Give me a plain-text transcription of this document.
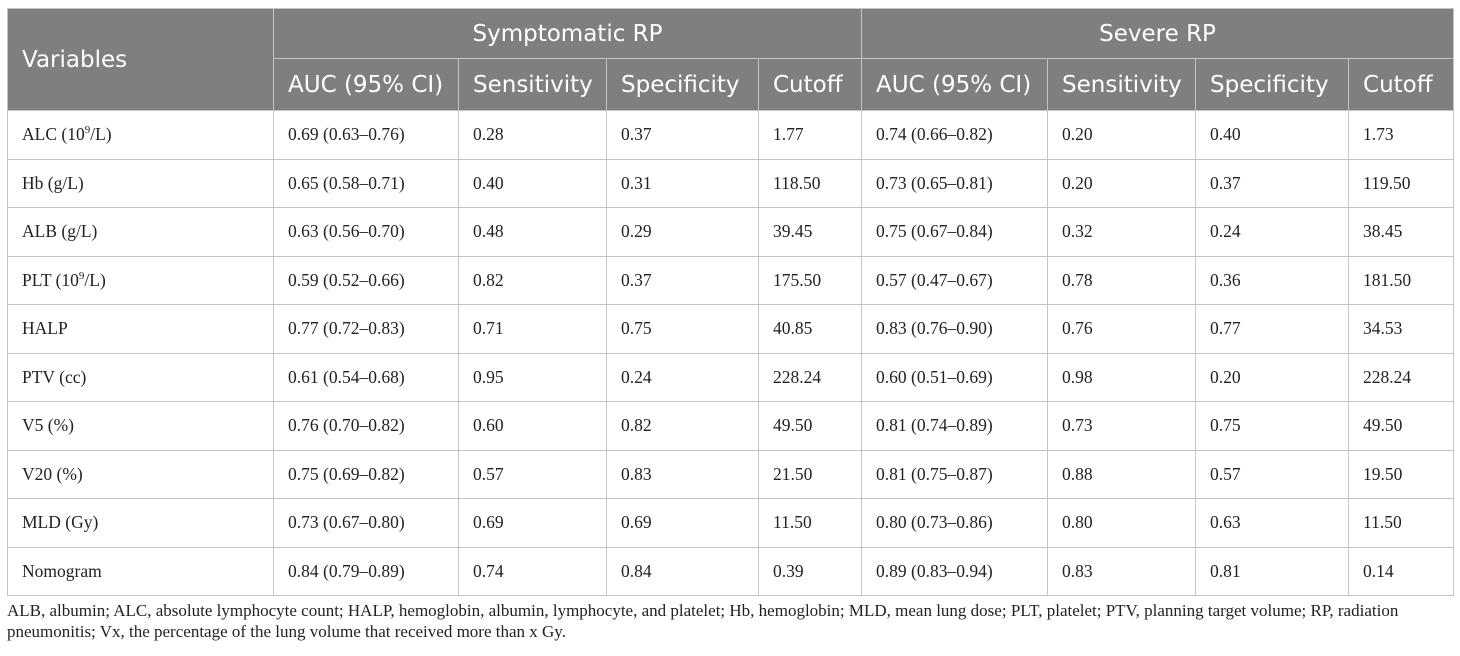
Variables	Symptomatic RP				Severe RP			
	AUC (95% CI)	Sensitivity	Specificity	Cutoff	AUC (95% CI)	Sensitivity	Specificity	Cutoff
ALC $(10^9/L)$	0.69 (0.63–0.76)	0.28	0.37	1.77	0.74 (0.66–0.82)	0.20	0.40	1.73
Hb (g/L)	0.65 (0.58–0.71)	0.40	0.31	118.50	0.73 (0.65–0.81)	0.20	0.37	119.50
ALB (g/L)	0.63 (0.56–0.70)	0.48	0.29	39.45	0.75 (0.67–0.84)	0.32	0.24	38.45
PLT $(10^9/L)$	0.59 (0.52–0.66)	0.82	0.37	175.50	0.57 (0.47–0.67)	0.78	0.36	181.50
HALP	0.77 (0.72–0.83)	0.71	0.75	40.85	0.83 (0.76–0.90)	0.76	0.77	34.53
PTV (cc)	0.61 (0.54–0.68)	0.95	0.24	228.24	0.60 (0.51–0.69)	0.98	0.20	228.24
V5 (%)	0.76 (0.70–0.82)	0.60	0.82	49.50	0.81 (0.74–0.89)	0.73	0.75	49.50
V20 (%)	0.75 (0.69–0.82)	0.57	0.83	21.50	0.81 (0.75–0.87)	0.88	0.57	19.50
MLD (Gy)	0.73 (0.67–0.80)	0.69	0.69	11.50	0.80 (0.73–0.86)	0.80	0.63	11.50
Nomogram	0.84 (0.79–0.89)	0.74	0.84	0.39	0.89 (0.83–0.94)	0.83	0.81	0.14

ALB, albumin; ALC, absolute lymphocyte count; HALP, hemoglobin, albumin, lymphocyte, and platelet; Hb, hemoglobin; MLD, mean lung dose; PLT, platelet; PTV, planning target volume; RP, radiation pneumonitis; Vx, the percentage of the lung volume that received more than x Gy.
